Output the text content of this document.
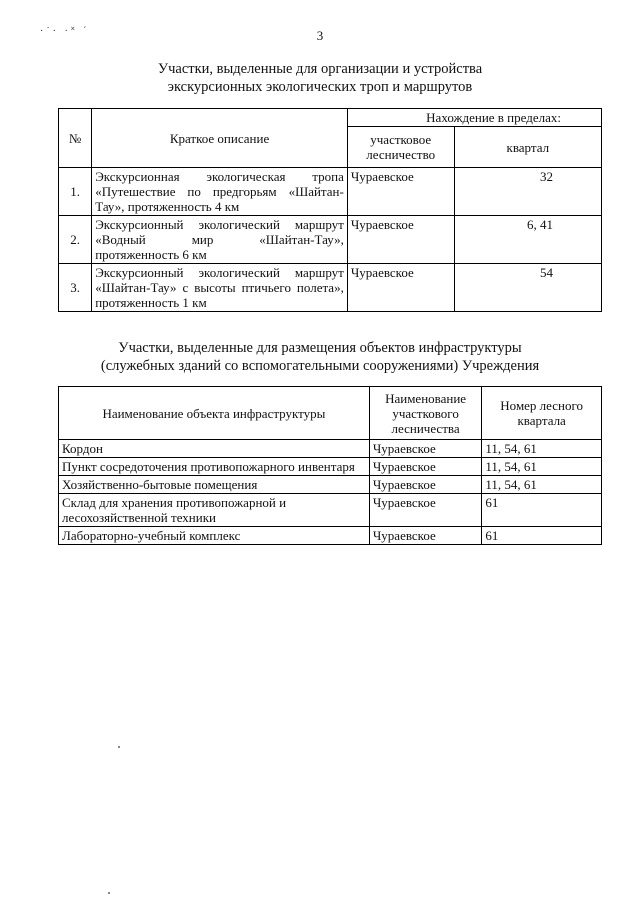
·˙· ·˟ ˊ	3
Участки, выделенные для организации и устройства
экскурсионных экологических троп и маршрутов
№	Краткое описание	Нахождение в пределах:	
		участковое лесничество	квартал
1.	Экскурсионная экологическая тропа «Путешествие по предгорьям «Шайтан-Тау», протяженность 4 км	Чураевское	32
2.	Экскурсионный экологический маршрут «Водный мир «Шайтан-Тау», протяженность 6 км	Чураевское	6, 41
3.	Экскурсионный экологический маршрут «Шайтан-Тау» с высоты птичьего полета», протяженность 1 км	Чураевское	54
Участки, выделенные для размещения объектов инфраструктуры
(служебных зданий со вспомогательными сооружениями) Учреждения
Наименование объекта инфраструктуры	Наименование участкового лесничества	Номер лесного квартала
Кордон	Чураевское	11, 54, 61
Пункт сосредоточения противопожарного инвентаря	Чураевское	11, 54, 61
Хозяйственно-бытовые помещения	Чураевское	11, 54, 61
Склад для хранения противопожарной и лесохозяйственной техники	Чураевское	61
Лабораторно-учебный комплекс	Чураевское	61
